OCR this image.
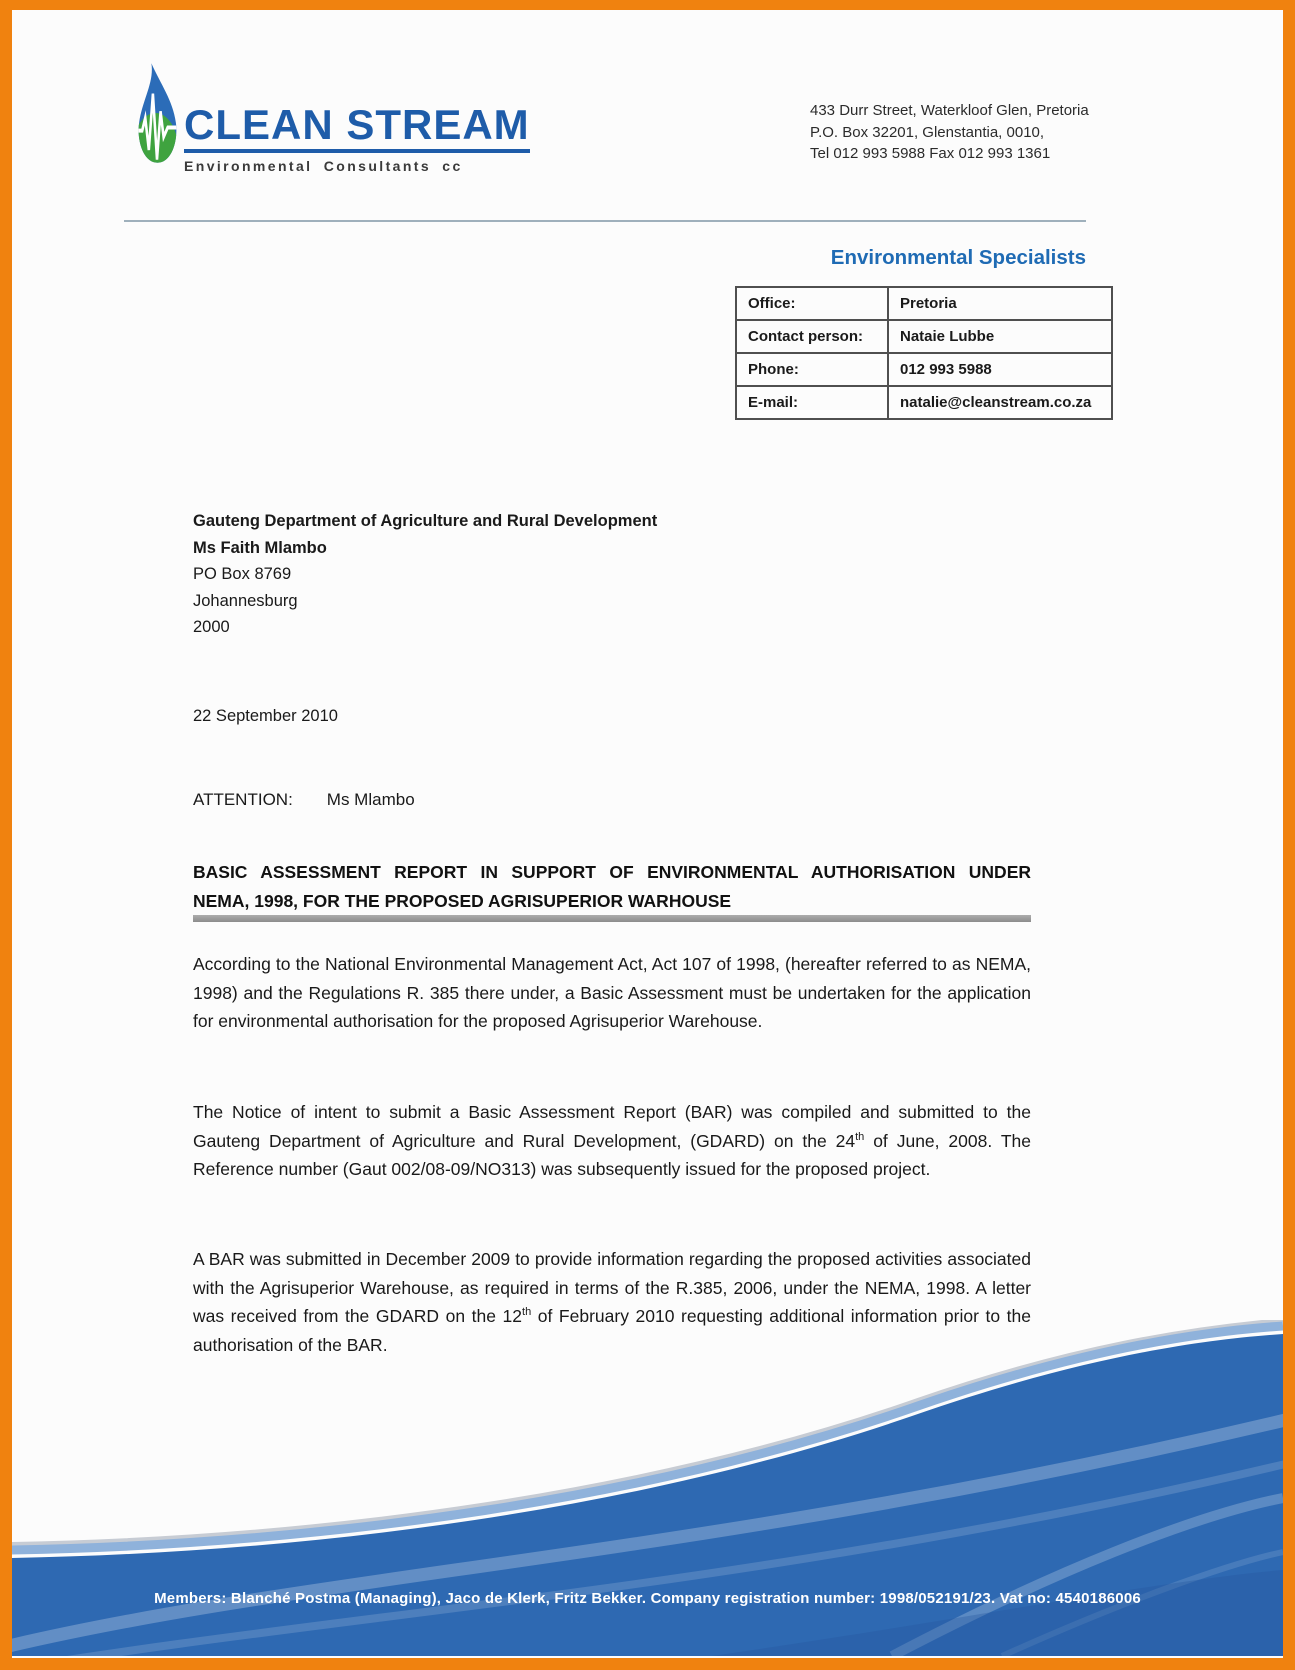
CLEAN STREAM
Environmental Consultants cc
433 Durr Street, Waterkloof Glen, Pretoria
P.O. Box 32201, Glenstantia, 0010,
Tel 012 993 5988 Fax 012 993 1361
Environmental Specialists
Office:	Pretoria
Contact person:	Nataie Lubbe
Phone:	012 993 5988
E-mail:	natalie@cleanstream.co.za
Gauteng Department of Agriculture and Rural Development
Ms Faith Mlambo
PO Box 8769
Johannesburg
2000
22 September 2010
ATTENTION: Ms Mlambo
BASIC ASSESSMENT REPORT IN SUPPORT OF ENVIRONMENTAL AUTHORISATION UNDER
NEMA, 1998, FOR THE PROPOSED AGRISUPERIOR WARHOUSE

According to the National Environmental Management Act, Act 107 of 1998, (hereafter referred to as NEMA, 1998) and the Regulations R. 385 there under, a Basic Assessment must be undertaken for the application for environmental authorisation for the proposed Agrisuperior Warehouse.

The Notice of intent to submit a Basic Assessment Report (BAR) was compiled and submitted to the Gauteng Department of Agriculture and Rural Development, (GDARD) on the 24th of June, 2008. The Reference number (Gaut 002/08-09/NO313) was subsequently issued for the proposed project.

A BAR was submitted in December 2009 to provide information regarding the proposed activities associated with the Agrisuperior Warehouse, as required in terms of the R.385, 2006, under the NEMA, 1998. A letter was received from the GDARD on the 12th of February 2010 requesting additional information prior to the authorisation of the BAR.

Members: Blanché Postma (Managing), Jaco de Klerk, Fritz Bekker. Company registration number: 1998/052191/23. Vat no: 4540186006
